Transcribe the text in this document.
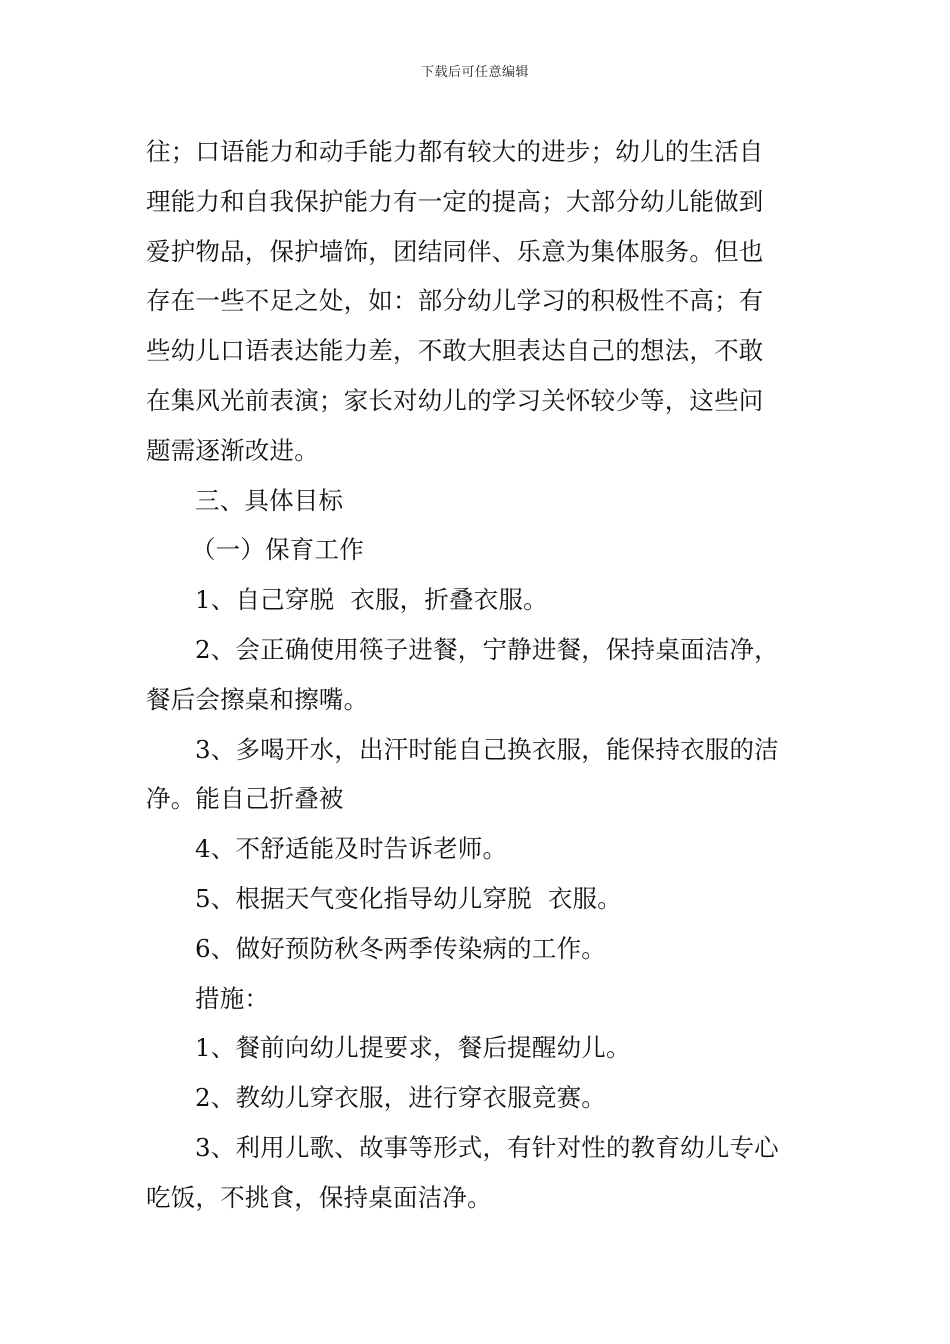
下载后可任意编辑
往；口语能力和动手能力都有较大的进步；幼儿的生活自
理能力和自我保护能力有一定的提高；大部分幼儿能做到
爱护物品，保护墙饰，团结同伴、乐意为集体服务。但也
存在一些不足之处，如：部分幼儿学习的积极性不高；有
些幼儿口语表达能力差，不敢大胆表达自己的想法，不敢
在集风光前表演；家长对幼儿的学习关怀较少等，这些问
题需逐渐改进。
三、具体目标
（一）保育工作
1、自己穿脱  衣服，折叠衣服。
2、会正确使用筷子进餐，宁静进餐，保持桌面洁净，
餐后会擦桌和擦嘴。
3、多喝开水，出汗时能自己换衣服，能保持衣服的洁
净。能自己折叠被
4、不舒适能及时告诉老师。
5、根据天气变化指导幼儿穿脱  衣服。
6、做好预防秋冬两季传染病的工作。
措施：
1、餐前向幼儿提要求，餐后提醒幼儿。
2、教幼儿穿衣服，进行穿衣服竞赛。
3、利用儿歌、故事等形式，有针对性的教育幼儿专心
吃饭，不挑食，保持桌面洁净。
